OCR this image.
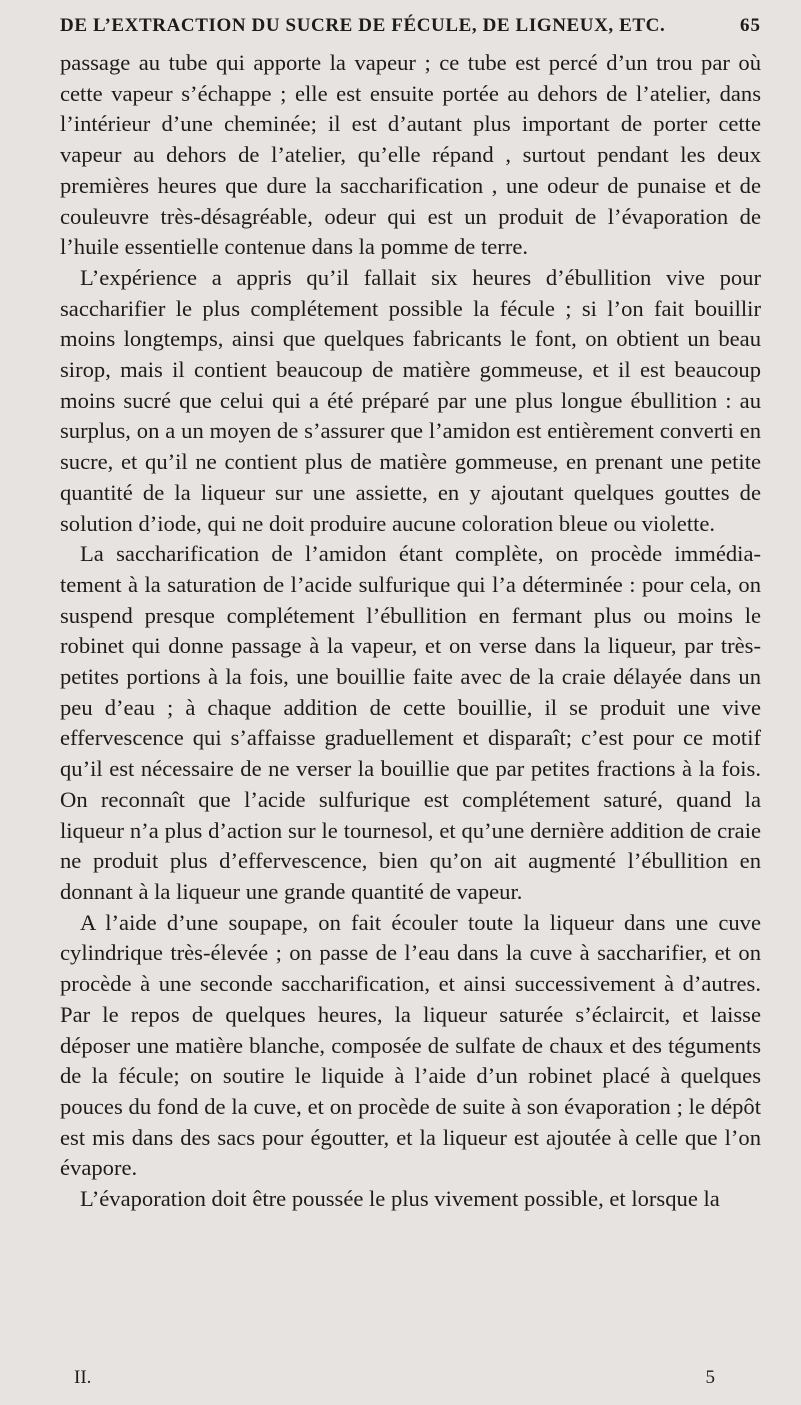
DE L’EXTRACTION DU SUCRE DE FÉCULE, DE LIGNEUX, ETC.	65

passage au tube qui apporte la vapeur ; ce tube est percé d’un trou par où cette vapeur s’échappe ; elle est ensuite portée au dehors de l’atelier, dans l’intérieur d’une cheminée; il est d’autant plus important de porter cette vapeur au dehors de l’atelier, qu’elle répand , surtout pendant les deux premières heures que dure la saccharification , une odeur de punaise et de couleuvre très-désagréable, odeur qui est un produit de l’évaporation de l’huile essentielle contenue dans la pomme de terre.

L’expérience a appris qu’il fallait six heures d’ébullition vive pour saccharifier le plus complétement possible la fécule ; si l’on fait bouillir moins longtemps, ainsi que quelques fabricants le font, on obtient un beau sirop, mais il contient beaucoup de matière gommeuse, et il est beaucoup moins sucré que celui qui a été préparé par une plus longue ébullition : au surplus, on a un moyen de s’assurer que l’amidon est entièrement converti en sucre, et qu’il ne contient plus de matière gommeuse, en prenant une petite quantité de la liqueur sur une assiette, en y ajoutant quelques gouttes de solution d’iode, qui ne doit produire aucune coloration bleue ou violette.

La saccharification de l’amidon étant complète, on procède immédiatement à la saturation de l’acide sulfurique qui l’a déterminée : pour cela, on suspend presque complétement l’ébullition en fermant plus ou moins le robinet qui donne passage à la vapeur, et on verse dans la liqueur, par très-petites portions à la fois, une bouillie faite avec de la craie délayée dans un peu d’eau ; à chaque addition de cette bouillie, il se produit une vive effervescence qui s’affaisse graduellement et disparaît; c’est pour ce motif qu’il est nécessaire de ne verser la bouillie que par petites fractions à la fois. On reconnaît que l’acide sulfurique est complétement saturé, quand la liqueur n’a plus d’action sur le tournesol, et qu’une dernière addition de craie ne produit plus d’effervescence, bien qu’on ait augmenté l’ébullition en donnant à la liqueur une grande quantité de vapeur.

A l’aide d’une soupape, on fait écouler toute la liqueur dans une cuve cylindrique très-élevée ; on passe de l’eau dans la cuve à saccharifier, et on procède à une seconde saccharification, et ainsi successivement à d’autres. Par le repos de quelques heures, la liqueur saturée s’éclaircit, et laisse déposer une matière blanche, composée de sulfate de chaux et des téguments de la fécule; on soutire le liquide à l’aide d’un robinet placé à quelques pouces du fond de la cuve, et on procède de suite à son évaporation ; le dépôt est mis dans des sacs pour égoutter, et la liqueur est ajoutée à celle que l’on évapore.

L’évaporation doit être poussée le plus vivement possible, et lorsque la

II.	5
